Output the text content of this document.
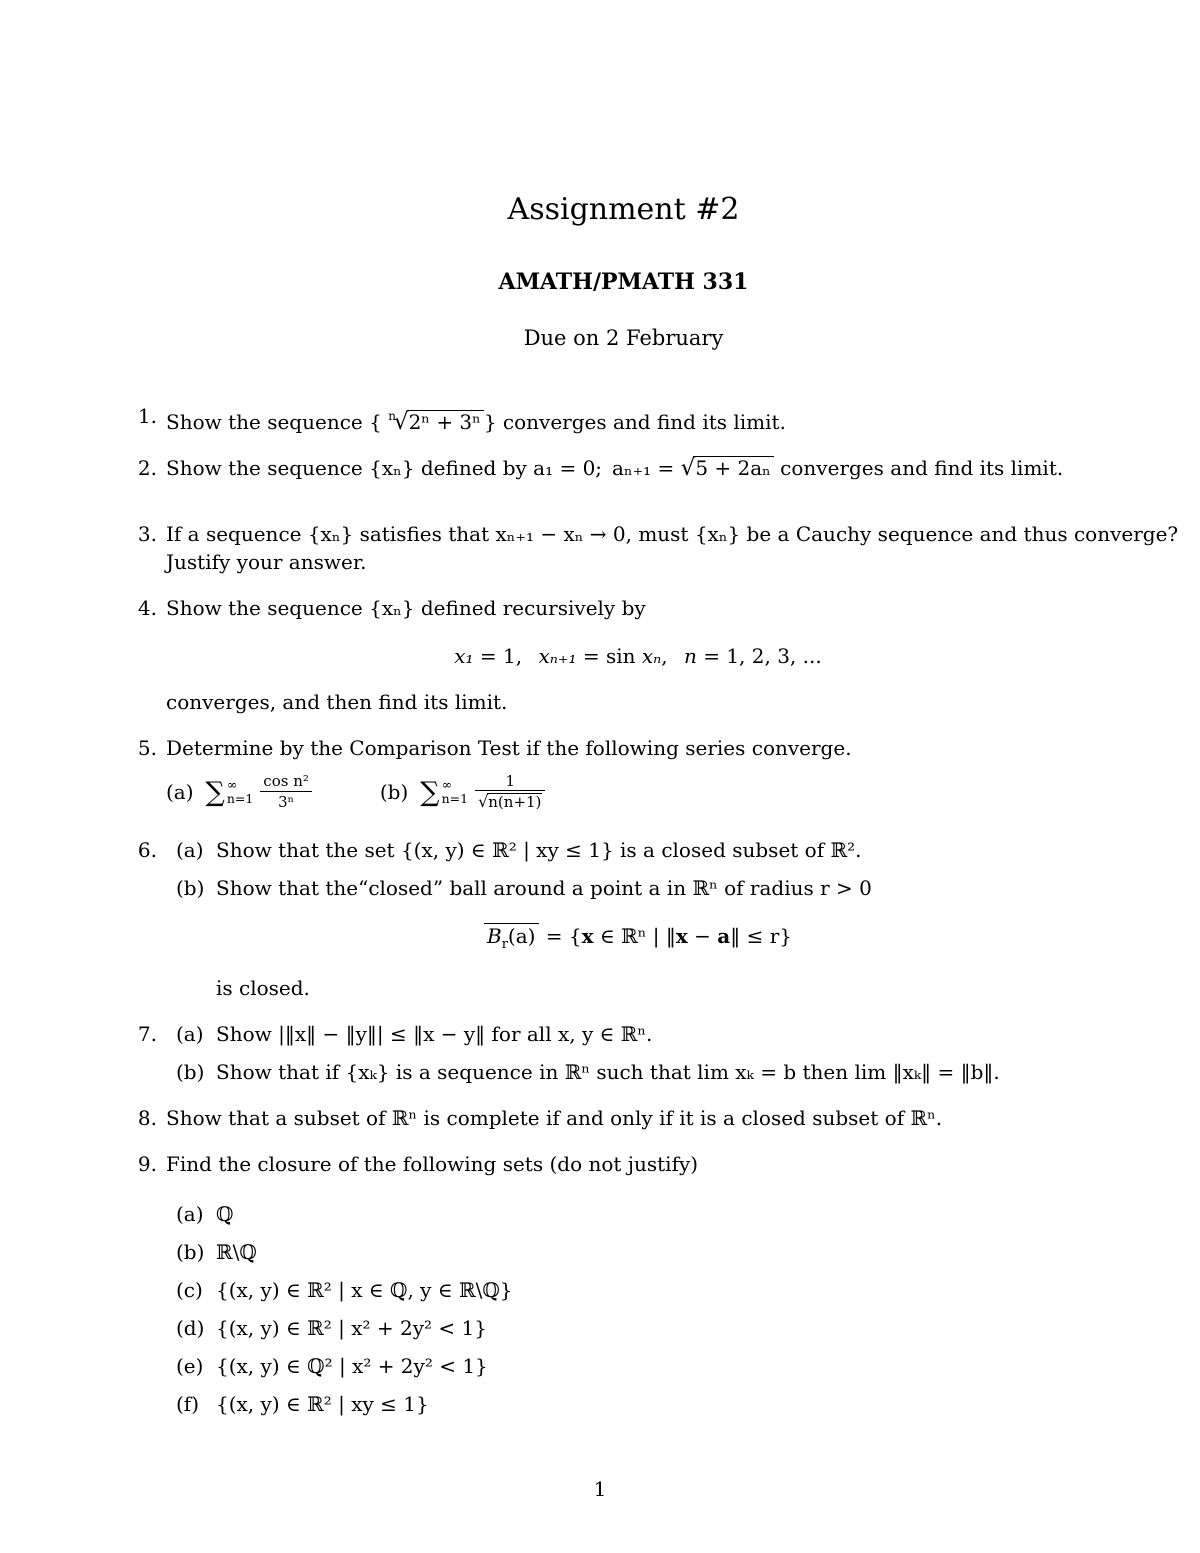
Assignment #2
AMATH/PMATH 331
Due on 2 February
1. Show the sequence { $^n$√2ⁿ + 3ⁿ } converges and find its limit.
2. Show the sequence {xₙ} defined by a₁ = 0; aₙ₊₁ = √5 + 2aₙ converges and find its limit.
3. If a sequence {xₙ} satisfies that xₙ₊₁ − xₙ → 0, must {xₙ} be a Cauchy sequence and thus converge?
Justify your answer.
4. Show the sequence {xₙ} defined recursively by
x₁ = 1,  xₙ₊₁ = sin xₙ,  n = 1, 2, 3, ...
converges, and then find its limit.
5. Determine by the Comparison Test if the following series converge.
(a) ∑ ∞
$n=1 \frac{\text{cos n²}}{\text{3ⁿ}}$	(b) ∑ ∞
$n=1 \frac{1}{√n(n+1)}$
6. (a) Show that the set {(x, y) ∈ ℝ² | xy ≤ 1} is a closed subset of ℝ².
(b) Show that the“closed” ball around a point a in ℝⁿ of radius r > 0
$B_r(a) = \{x$ ∈ ℝⁿ | ‖x − a‖ ≤ r}
is closed.
7. (a) Show |‖x‖ − ‖y‖| ≤ ‖x − y‖ for all x, y ∈ ℝⁿ.
(b) Show that if {xₖ} is a sequence in ℝⁿ such that lim xₖ = b then lim ‖xₖ‖ = ‖b‖.
8. Show that a subset of ℝⁿ is complete if and only if it is a closed subset of ℝⁿ.
9. Find the closure of the following sets (do not justify)
(a) ℚ
(b) ℝ\ℚ
(c) {(x, y) ∈ ℝ² | x ∈ ℚ, y ∈ ℝ\ℚ}
(d) {(x, y) ∈ ℝ² | x² + 2y² < 1}
(e) {(x, y) ∈ ℚ² | x² + 2y² < 1}
(f) {(x, y) ∈ ℝ² | xy ≤ 1}
1
